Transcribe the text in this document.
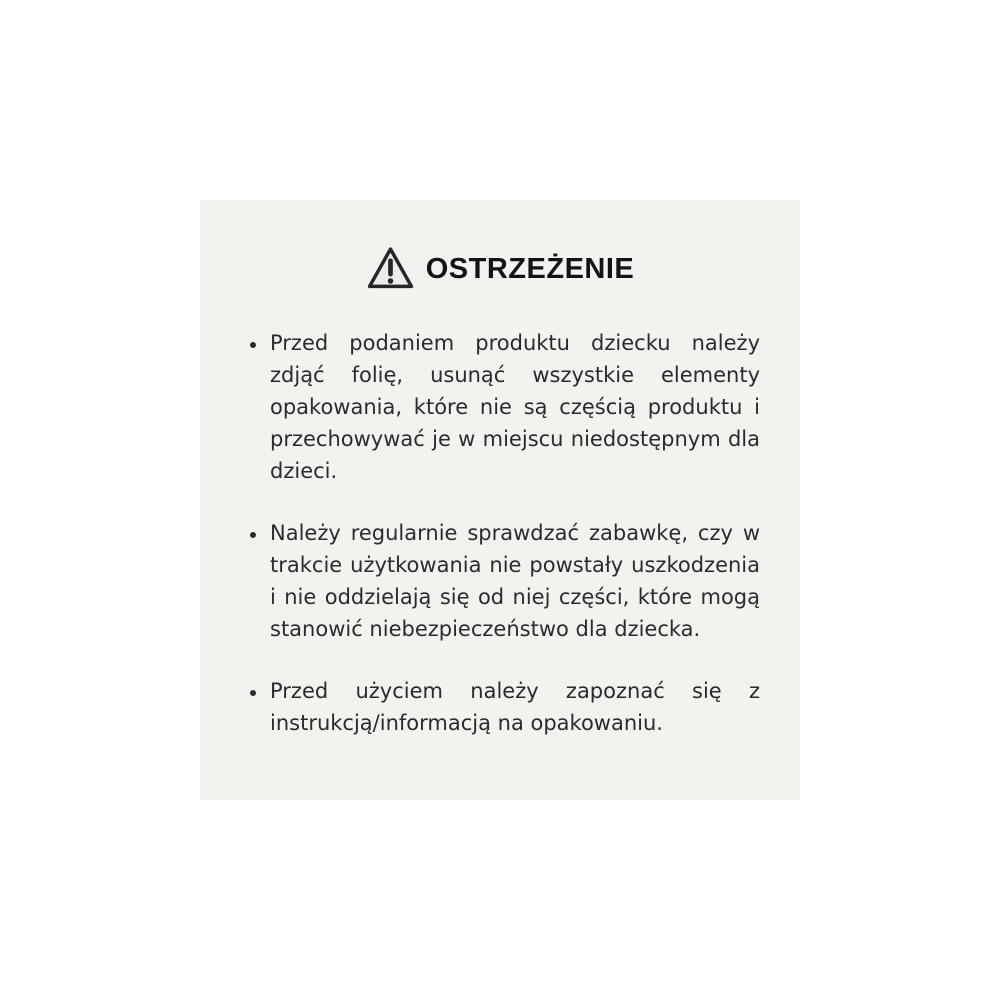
OSTRZEŻENIE
• Przed podaniem produktu dziecku należy zdjąć folię, usunąć wszystkie elementy opakowania, które nie są częścią produktu i przechowywać je w miejscu niedostępnym dla dzieci.
• Należy regularnie sprawdzać zabawkę, czy w trakcie użytkowania nie powstały uszkodzenia i nie oddzielają się od niej części, które mogą stanowić niebezpieczeństwo dla dziecka.
• Przed użyciem należy zapoznać się z instrukcją/informacją na opakowaniu.
